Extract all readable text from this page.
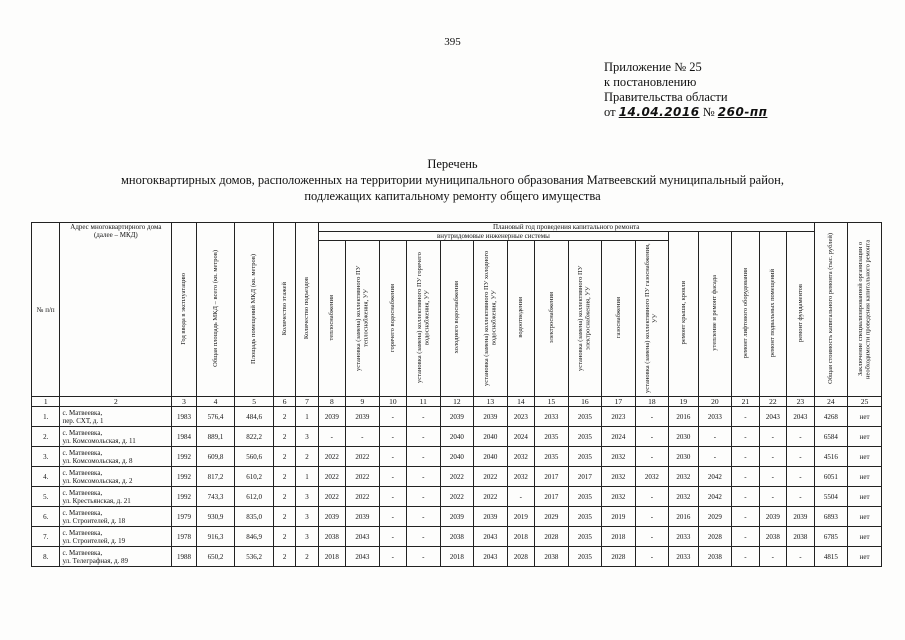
395
Приложение № 25
к постановлению
Правительства области
от 14.04.2016 № 260-пп
Перечень
многоквартирных домов, расположенных на территории муниципального образования Матвеевский муниципальный район,
подлежащих капитальному ремонту общего имущества
№ п/п	Адрес многоквартирного дома (далее – МКД)	Год ввода в эксплуатацию	Общая площадь МКД – всего (кв. метров)	Площадь помещений МКД (кв. метров)	Количество этажей	Количество подъездов	Плановый год проведения капитального ремонта																Общая стоимость капитального ремонта (тыс. рублей)	Заключение специализированной организации о необходимости проведения капитального ремонта
							внутридомовые инженерные системы											ремонт крыши, кровли	утепление и ремонт фасада	ремонт лифтового оборудования	ремонт подвальных помещений	ремонт фундаментов		
							теплоснабжения	установка (замена) коллективного ПУ теплоснабжения, УУ	горячего водоснабжения	установка (замена) коллективного ПУ горячего водоснабжения, УУ	холодного водоснабжения	установка (замена) коллективного ПУ холодного водоснабжения, УУ	водоотведения	электроснабжения	установка (замена) коллективного ПУ электроснабжения, УУ	газоснабжения	установка (замена) коллективного ПУ газоснабжения, УУ							
1	2	3	4	5	6	7	8	9	10	11	12	13	14	15	16	17	18	19	20	21	22	23	24	25
1.	с. Матвеевка,
пер. СХТ, д. 1	1983	576,4	484,6	2	1	2039	2039	-	-	2039	2039	2023	2033	2035	2023	-	2016	2033	-	2043	2043	4268	нет
2.	с. Матвеевка,
ул. Комсомольская, д. 11	1984	889,1	822,2	2	3	-	-	-	-	2040	2040	2024	2035	2035	2024	-	2030	-	-	-	-	6584	нет
3.	с. Матвеевка,
ул. Комсомольская, д. 8	1992	609,8	560,6	2	2	2022	2022	-	-	2040	2040	2032	2035	2035	2032	-	2030	-	-	-	-	4516	нет
4.	с. Матвеевка,
ул. Комсомольская, д. 2	1992	817,2	610,2	2	1	2022	2022	-	-	2022	2022	2032	2017	2017	2032	2032	2032	2042	-	-	-	6051	нет
5.	с. Матвеевка,
ул. Крестьянская, д. 21	1992	743,3	612,0	2	3	2022	2022	-	-	2022	2022	-	2017	2035	2032	-	2032	2042	-	-	-	5504	нет
6.	с. Матвеевка,
ул. Строителей, д. 18	1979	930,9	835,0	2	3	2039	2039	-	-	2039	2039	2019	2029	2035	2019	-	2016	2029	-	2039	2039	6893	нет
7.	с. Матвеевка,
ул. Строителей, д. 19	1978	916,3	846,9	2	3	2038	2043	-	-	2038	2043	2018	2028	2035	2018	-	2033	2028	-	2038	2038	6785	нет
8.	с. Матвеевка,
ул. Телеграфная, д. 89	1988	650,2	536,2	2	2	2018	2043	-	-	2018	2043	2028	2038	2035	2028	-	2033	2038	-	-	-	4815	нет
